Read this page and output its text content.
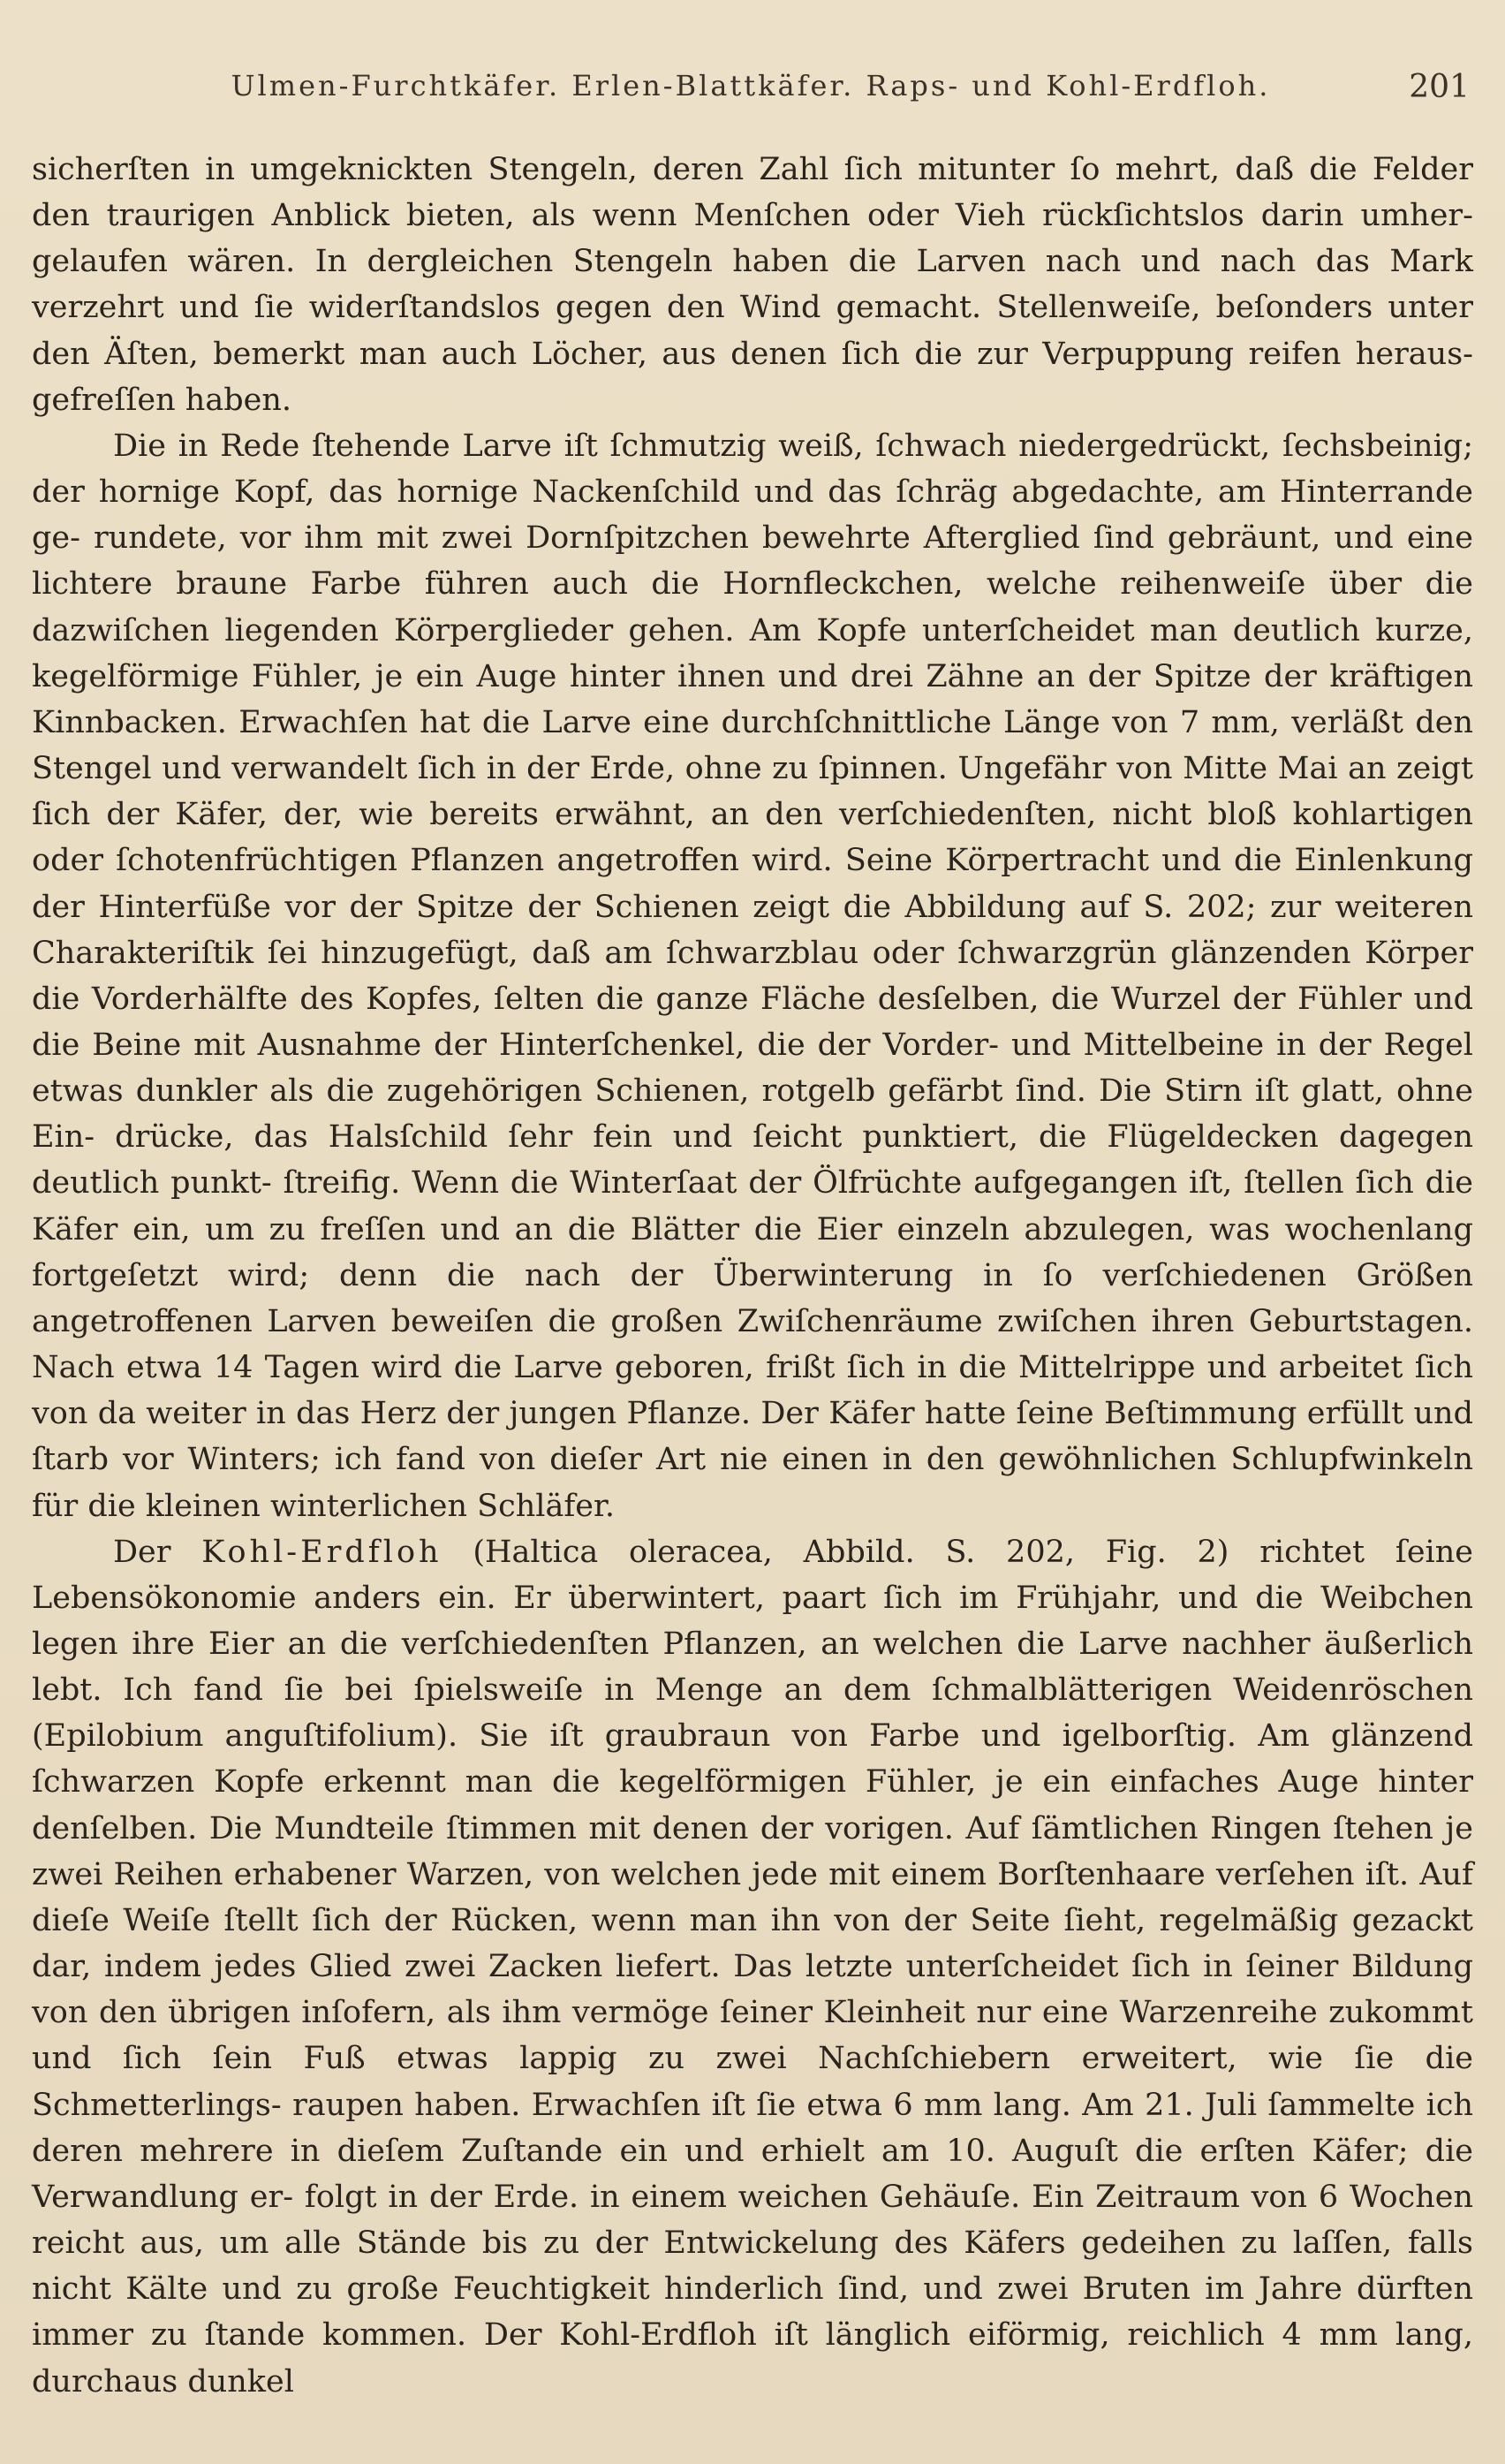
Ulmen-Furchtkäfer. Erlen-Blattkäfer. Raps- und Kohl-Erdfloh.	201

sicherſten in umgeknickten Stengeln, deren Zahl ſich mitunter ſo mehrt, daß die Felder den traurigen Anblick bieten, als wenn Menſchen oder Vieh rückſichtslos darin umher- gelaufen wären. In dergleichen Stengeln haben die Larven nach und nach das Mark verzehrt und ſie widerſtandslos gegen den Wind gemacht. Stellenweiſe, beſonders unter den Äſten, bemerkt man auch Löcher, aus denen ſich die zur Verpuppung reifen heraus- gefreſſen haben.

Die in Rede ſtehende Larve iſt ſchmutzig weiß, ſchwach niedergedrückt, ſechsbeinig; der hornige Kopf, das hornige Nackenſchild und das ſchräg abgedachte, am Hinterrande ge- rundete, vor ihm mit zwei Dornſpitzchen bewehrte Afterglied ſind gebräunt, und eine lichtere braune Farbe führen auch die Hornfleckchen, welche reihenweiſe über die dazwiſchen liegenden Körperglieder gehen. Am Kopfe unterſcheidet man deutlich kurze, kegelförmige Fühler, je ein Auge hinter ihnen und drei Zähne an der Spitze der kräftigen Kinnbacken. Erwachſen hat die Larve eine durchſchnittliche Länge von 7 mm, verläßt den Stengel und verwandelt ſich in der Erde, ohne zu ſpinnen. Ungefähr von Mitte Mai an zeigt ſich der Käfer, der, wie bereits erwähnt, an den verſchiedenſten, nicht bloß kohlartigen oder ſchotenfrüchtigen Pflanzen angetroffen wird. Seine Körpertracht und die Einlenkung der Hinterfüße vor der Spitze der Schienen zeigt die Abbildung auf S. 202; zur weiteren Charakteriſtik ſei hinzugefügt, daß am ſchwarzblau oder ſchwarzgrün glänzenden Körper die Vorderhälfte des Kopfes, ſelten die ganze Fläche desſelben, die Wurzel der Fühler und die Beine mit Ausnahme der Hinterſchenkel, die der Vorder- und Mittelbeine in der Regel etwas dunkler als die zugehörigen Schienen, rotgelb gefärbt ſind. Die Stirn iſt glatt, ohne Ein- drücke, das Halsſchild ſehr fein und ſeicht punktiert, die Flügeldecken dagegen deutlich punkt- ſtreifig. Wenn die Winterſaat der Ölfrüchte aufgegangen iſt, ſtellen ſich die Käfer ein, um zu freſſen und an die Blätter die Eier einzeln abzulegen, was wochenlang fortgeſetzt wird; denn die nach der Überwinterung in ſo verſchiedenen Größen angetroffenen Larven beweiſen die großen Zwiſchenräume zwiſchen ihren Geburtstagen. Nach etwa 14 Tagen wird die Larve geboren, frißt ſich in die Mittelrippe und arbeitet ſich von da weiter in das Herz der jungen Pflanze. Der Käfer hatte ſeine Beſtimmung erfüllt und ſtarb vor Winters; ich fand von dieſer Art nie einen in den gewöhnlichen Schlupfwinkeln für die kleinen winterlichen Schläfer.

Der Kohl-Erdfloh (Haltica oleracea, Abbild. S. 202, Fig. 2) richtet ſeine Lebensökonomie anders ein. Er überwintert, paart ſich im Frühjahr, und die Weibchen legen ihre Eier an die verſchiedenſten Pflanzen, an welchen die Larve nachher äußerlich lebt. Ich fand ſie bei ſpielsweiſe in Menge an dem ſchmalblätterigen Weidenröschen (Epilobium anguſtifolium). Sie iſt graubraun von Farbe und igelborſtig. Am glänzend ſchwarzen Kopfe erkennt man die kegelförmigen Fühler, je ein einfaches Auge hinter denſelben. Die Mundteile ſtimmen mit denen der vorigen. Auf ſämtlichen Ringen ſtehen je zwei Reihen erhabener Warzen, von welchen jede mit einem Borſtenhaare verſehen iſt. Auf dieſe Weiſe ſtellt ſich der Rücken, wenn man ihn von der Seite ſieht, regelmäßig gezackt dar, indem jedes Glied zwei Zacken liefert. Das letzte unterſcheidet ſich in ſeiner Bildung von den übrigen inſofern, als ihm vermöge ſeiner Kleinheit nur eine Warzenreihe zukommt und ſich ſein Fuß etwas lappig zu zwei Nachſchiebern erweitert, wie ſie die Schmetterlings- raupen haben. Erwachſen iſt ſie etwa 6 mm lang. Am 21. Juli ſammelte ich deren mehrere in dieſem Zuſtande ein und erhielt am 10. Auguſt die erſten Käfer; die Verwandlung er- folgt in der Erde. in einem weichen Gehäuſe. Ein Zeitraum von 6 Wochen reicht aus, um alle Stände bis zu der Entwickelung des Käfers gedeihen zu laſſen, falls nicht Kälte und zu große Feuchtigkeit hinderlich ſind, und zwei Bruten im Jahre dürften immer zu ſtande kommen. Der Kohl-Erdfloh iſt länglich eiförmig, reichlich 4 mm lang, durchaus dunkel
